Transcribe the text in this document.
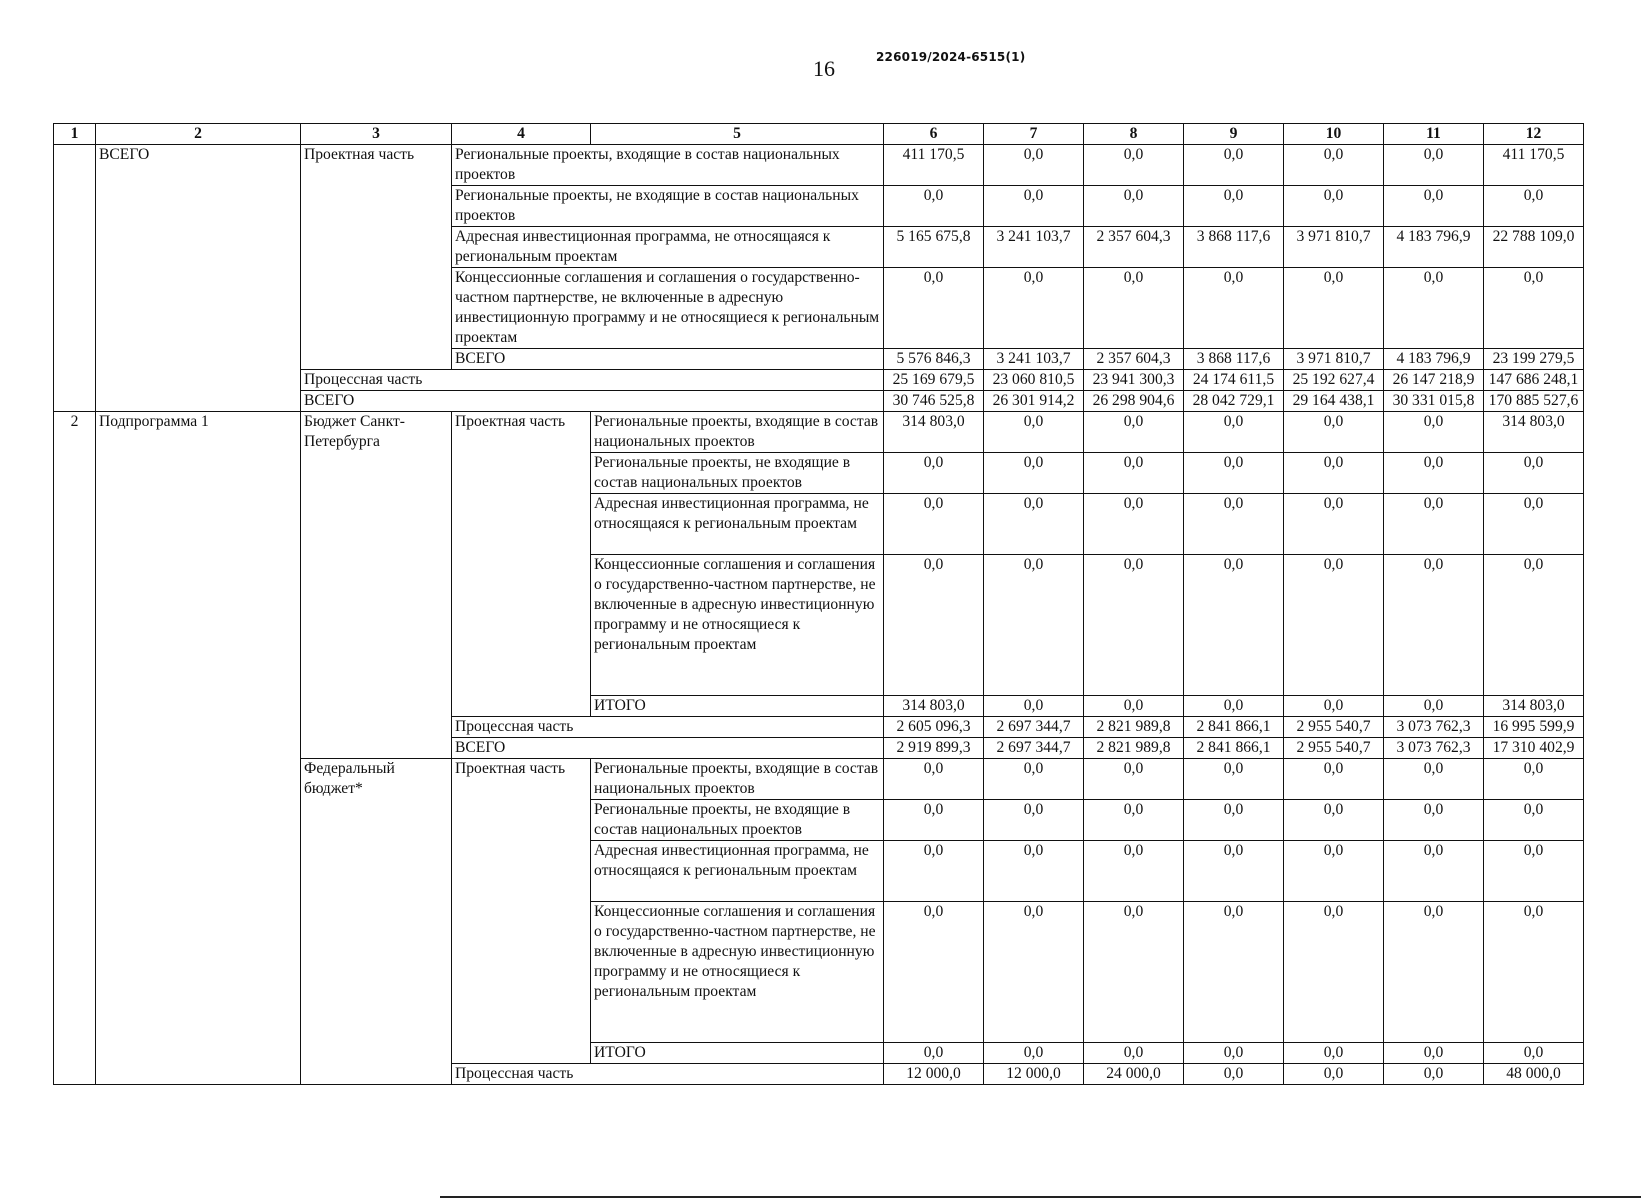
16	226019/2024-6515(1)
1	2	3	4	5	6	7	8	9	10	11	12
	ВСЕГО	Проектная часть	Региональные проекты, входящие в состав национальных проектов		411 170,5	0,0	0,0	0,0	0,0	0,0	411 170,5
			Региональные проекты, не входящие в состав национальных проектов		0,0	0,0	0,0	0,0	0,0	0,0	0,0
			Адресная инвестиционная программа, не относящаяся к региональным проектам		5 165 675,8	3 241 103,7	2 357 604,3	3 868 117,6	3 971 810,7	4 183 796,9	22 788 109,0
			Концессионные соглашения и соглашения о государственно-частном партнерстве, не включенные в адресную инвестиционную программу и не относящиеся к региональным проектам		0,0	0,0	0,0	0,0	0,0	0,0	0,0
			ВСЕГО		5 576 846,3	3 241 103,7	2 357 604,3	3 868 117,6	3 971 810,7	4 183 796,9	23 199 279,5
		Процессная часть			25 169 679,5	23 060 810,5	23 941 300,3	24 174 611,5	25 192 627,4	26 147 218,9	147 686 248,1
		ВСЕГО			30 746 525,8	26 301 914,2	26 298 904,6	28 042 729,1	29 164 438,1	30 331 015,8	170 885 527,6
2	Подпрограмма 1	Бюджет Санкт-Петербурга	Проектная часть	Региональные проекты, входящие в состав национальных проектов	314 803,0	0,0	0,0	0,0	0,0	0,0	314 803,0
				Региональные проекты, не входящие в состав национальных проектов	0,0	0,0	0,0	0,0	0,0	0,0	0,0
				Адресная инвестиционная программа, не относящаяся к региональным проектам	0,0	0,0	0,0	0,0	0,0	0,0	0,0
				Концессионные соглашения и соглашения о государственно-частном партнерстве, не включенные в адресную инвестиционную программу и не относящиеся к региональным проектам	0,0	0,0	0,0	0,0	0,0	0,0	0,0
				ИТОГО	314 803,0	0,0	0,0	0,0	0,0	0,0	314 803,0
			Процессная часть		2 605 096,3	2 697 344,7	2 821 989,8	2 841 866,1	2 955 540,7	3 073 762,3	16 995 599,9
			ВСЕГО		2 919 899,3	2 697 344,7	2 821 989,8	2 841 866,1	2 955 540,7	3 073 762,3	17 310 402,9
		Федеральный бюджет*	Проектная часть	Региональные проекты, входящие в состав национальных проектов	0,0	0,0	0,0	0,0	0,0	0,0	0,0
				Региональные проекты, не входящие в состав национальных проектов	0,0	0,0	0,0	0,0	0,0	0,0	0,0
				Адресная инвестиционная программа, не относящаяся к региональным проектам	0,0	0,0	0,0	0,0	0,0	0,0	0,0
				Концессионные соглашения и соглашения о государственно-частном партнерстве, не включенные в адресную инвестиционную программу и не относящиеся к региональным проектам	0,0	0,0	0,0	0,0	0,0	0,0	0,0
				ИТОГО	0,0	0,0	0,0	0,0	0,0	0,0	0,0
			Процессная часть		12 000,0	12 000,0	24 000,0	0,0	0,0	0,0	48 000,0
